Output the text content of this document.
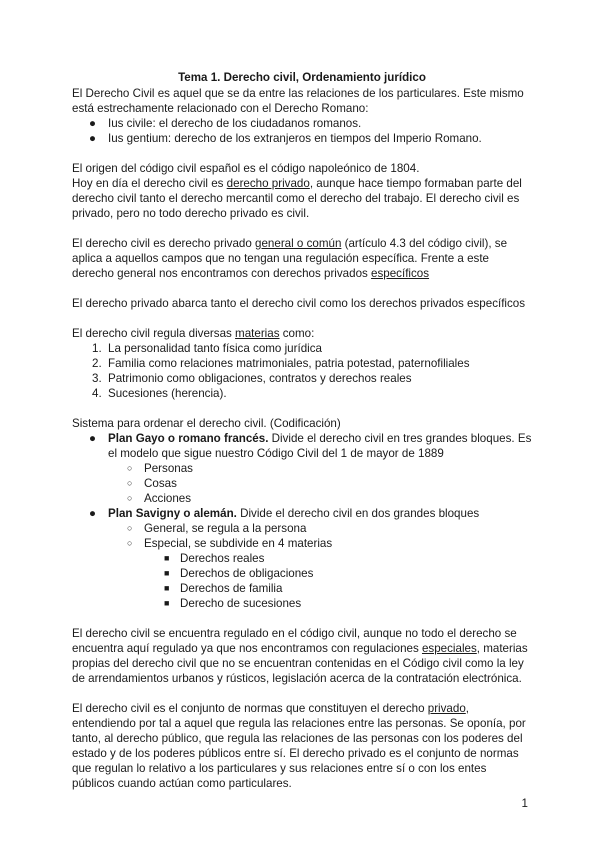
Tema 1. Derecho civil, Ordenamiento jurídico

El Derecho Civil es aquel que se da entre las relaciones de los particulares. Este mismo está estrechamente relacionado con el Derecho Romano:

● Ius civile: el derecho de los ciudadanos romanos.
● Ius gentium: derecho de los extranjeros en tiempos del Imperio Romano.

El origen del código civil español es el código napoleónico de 1804.

Hoy en día el derecho civil es derecho privado, aunque hace tiempo formaban parte del derecho civil tanto el derecho mercantil como el derecho del trabajo. El derecho civil es privado, pero no todo derecho privado es civil.

El derecho civil es derecho privado general o común (artículo 4.3 del código civil), se aplica a aquellos campos que no tengan una regulación específica. Frente a este derecho general nos encontramos con derechos privados específicos

El derecho privado abarca tanto el derecho civil como los derechos privados específicos

El derecho civil regula diversas materias como:

1. La personalidad tanto física como jurídica
2. Familia como relaciones matrimoniales, patria potestad, paternofiliales
3. Patrimonio como obligaciones, contratos y derechos reales
4. Sucesiones (herencia).

Sistema para ordenar el derecho civil. (Codificación)

● Plan Gayo o romano francés. Divide el derecho civil en tres grandes bloques. Es el modelo que sigue nuestro Código Civil del 1 de mayor de 1889
○ Personas
○ Cosas
○ Acciones
● Plan Savigny o alemán. Divide el derecho civil en dos grandes bloques
○ General, se regula a la persona
○ Especial, se subdivide en 4 materias
■ Derechos reales
■ Derechos de obligaciones
■ Derechos de familia
■ Derecho de sucesiones

El derecho civil se encuentra regulado en el código civil, aunque no todo el derecho se encuentra aquí regulado ya que nos encontramos con regulaciones especiales, materias propias del derecho civil que no se encuentran contenidas en el Código civil como la ley de arrendamientos urbanos y rústicos, legislación acerca de la contratación electrónica.

El derecho civil es el conjunto de normas que constituyen el derecho privado, entendiendo por tal a aquel que regula las relaciones entre las personas. Se oponía, por tanto, al derecho público, que regula las relaciones de las personas con los poderes del estado y de los poderes públicos entre sí. El derecho privado es el conjunto de normas que regulan lo relativo a los particulares y sus relaciones entre sí o con los entes públicos cuando actúan como particulares.

1
